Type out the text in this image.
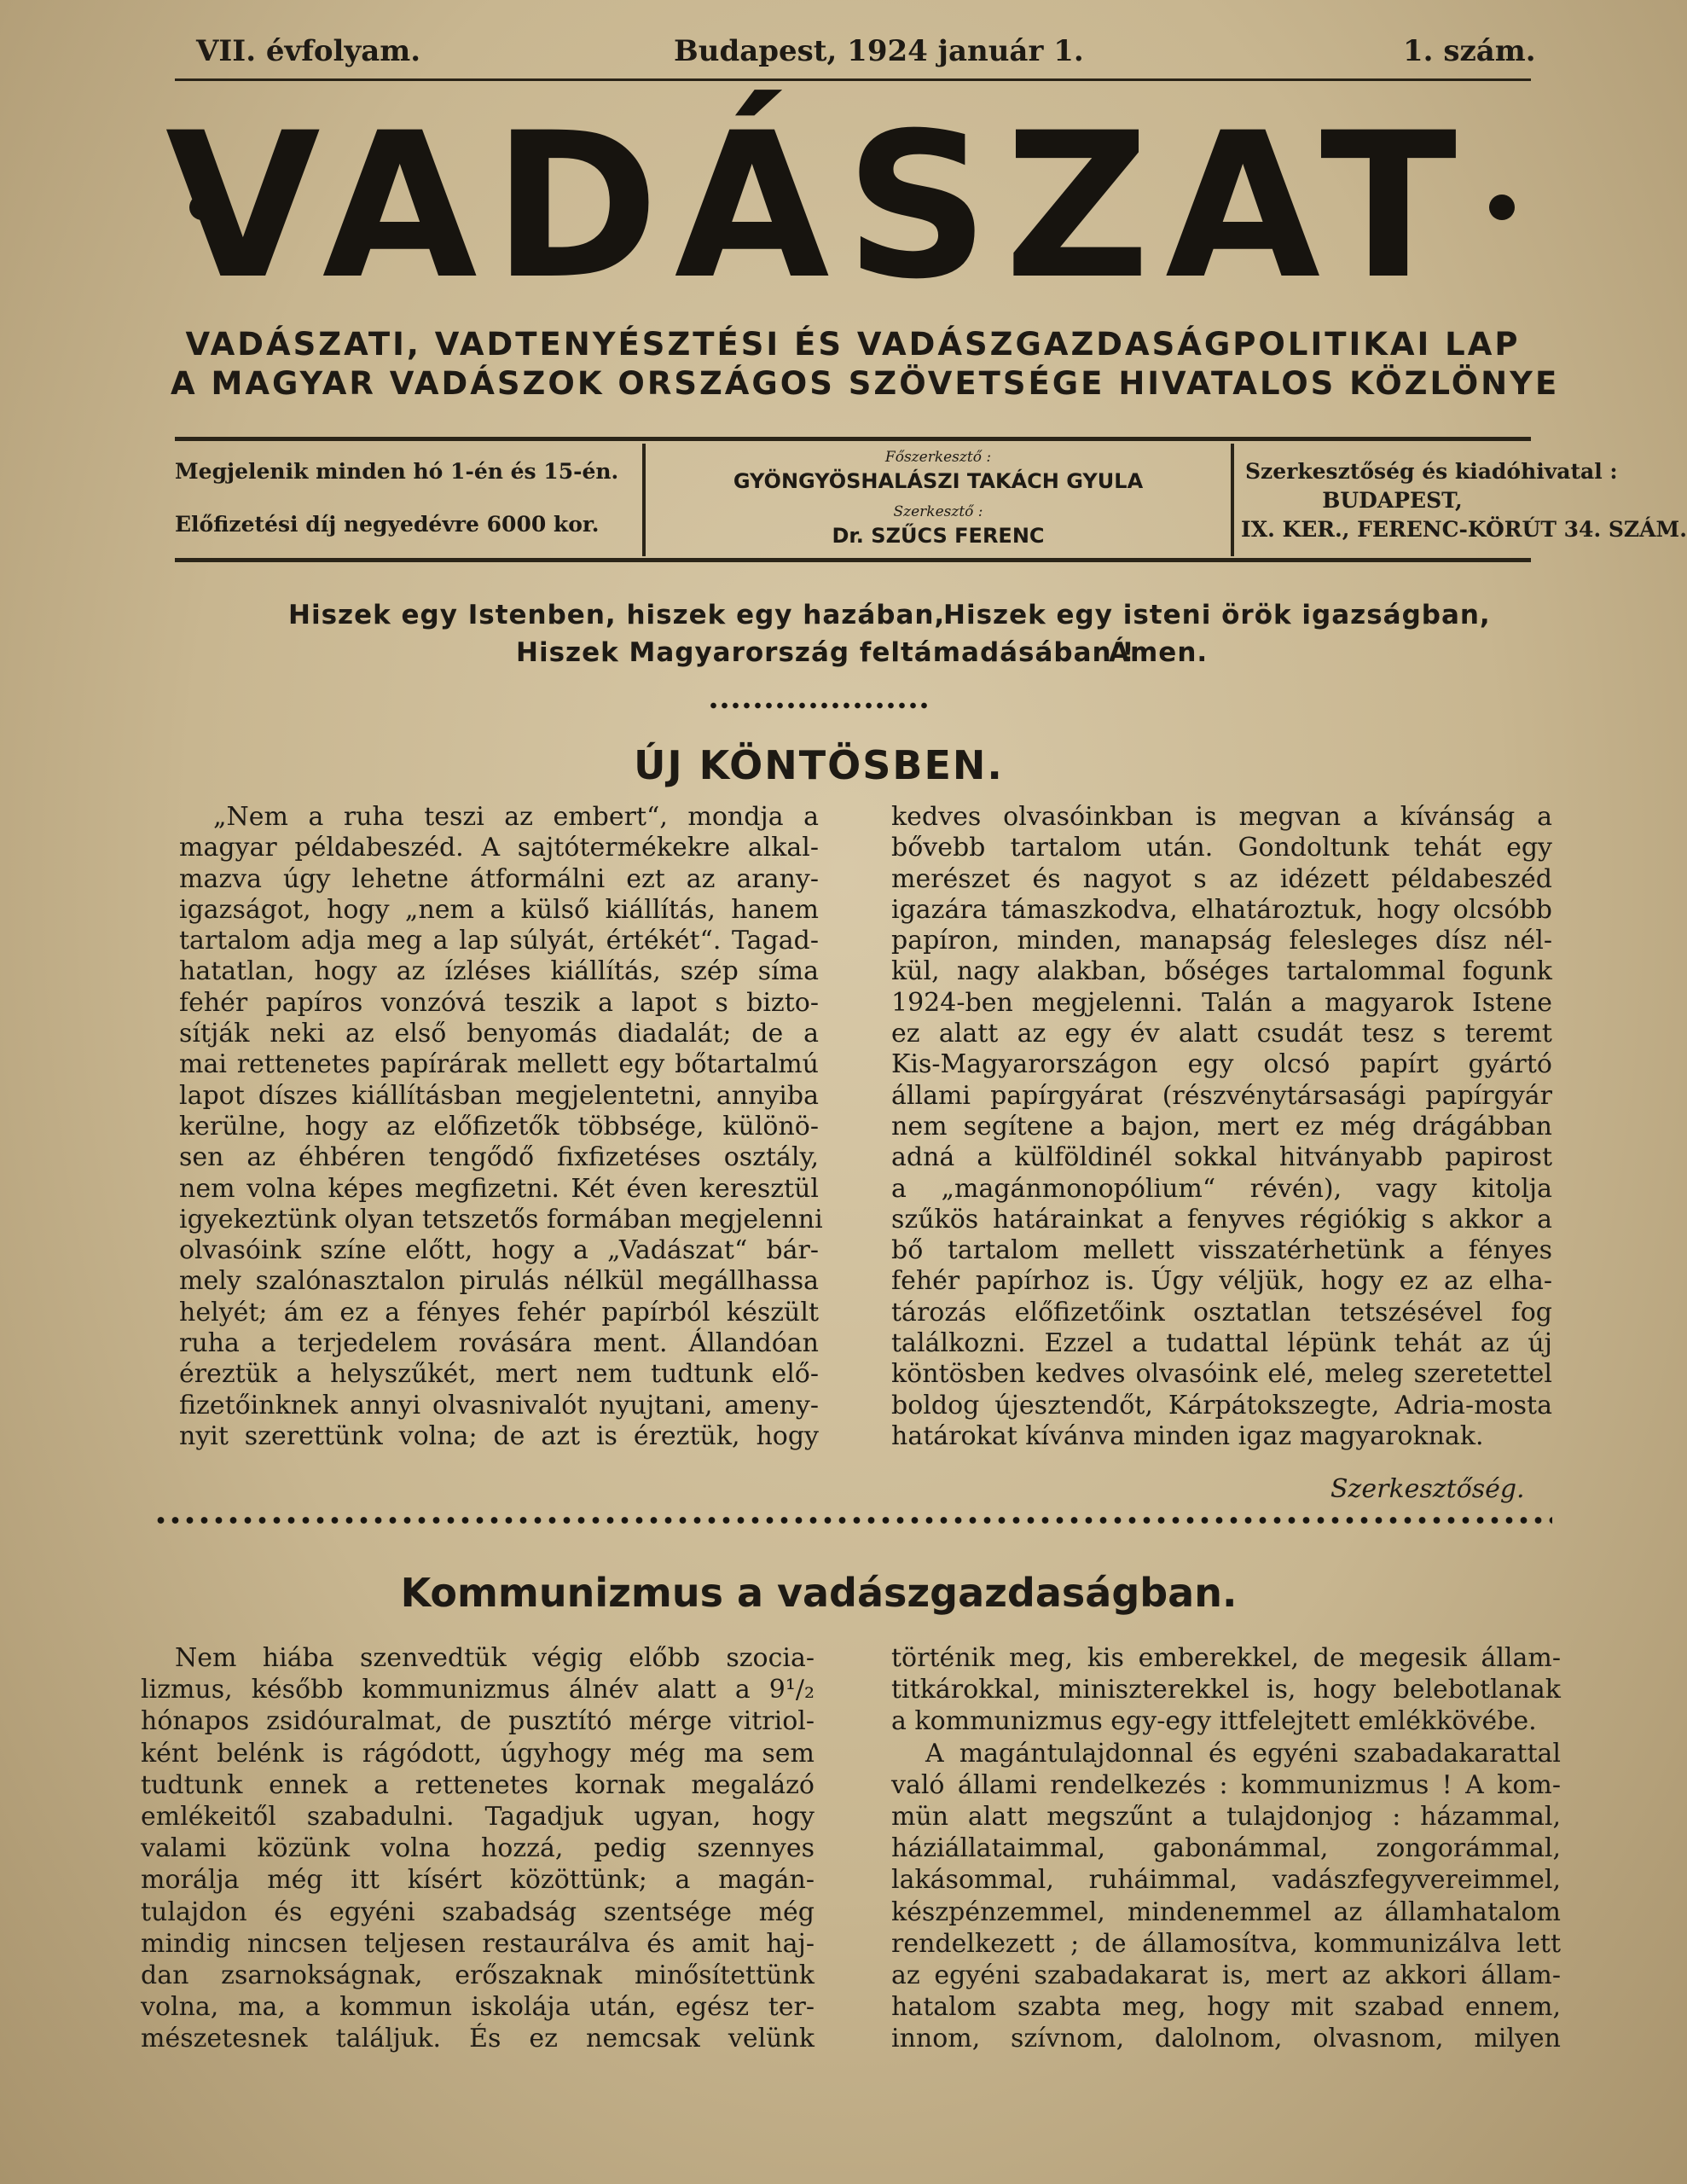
VII. évfolyam.	Budapest, 1924 január 1.	1. szám.
VADÁSZAT
VADÁSZATI, VADTENYÉSZTÉSI ÉS VADÁSZGAZDASÁGPOLITIKAI LAP
A MAGYAR VADÁSZOK ORSZÁGOS SZÖVETSÉGE HIVATALOS KÖZLÖNYE
Megjelenik minden hó 1-én és 15-én.
Előfizetési díj negyedévre 6000 kor.
Főszerkesztő :
GYÖNGYÖSHALÁSZI TAKÁCH GYULA
Szerkesztő :
Dr. SZŰCS FERENC
Szerkesztőség és kiadóhivatal :
BUDAPEST,
IX. KER., FERENC-KÖRÚT 34. SZÁM.
Hiszek egy Istenben, hiszek egy hazában,
Hiszek egy isteni örök igazságban,
Hiszek Magyarország feltámadásában !
Ámen.
ÚJ KÖNTÖSBEN.
„Nem a ruha teszi az embert“, mondja a
magyar példabeszéd. A sajtótermékekre alkal-
mazva úgy lehetne átformálni ezt az arany-
igazságot, hogy „nem a külső kiállítás, hanem
tartalom adja meg a lap súlyát, értékét“. Tagad-
hatatlan, hogy az ízléses kiállítás, szép síma
fehér papíros vonzóvá teszik a lapot s bizto-
sítják neki az első benyomás diadalát; de a
mai rettenetes papírárak mellett egy bőtartalmú
lapot díszes kiállításban megjelentetni, annyiba
kerülne, hogy az előfizetők többsége, különö-
sen az éhbéren tengődő fixfizetéses osztály,
nem volna képes megfizetni. Két éven keresztül
igyekeztünk olyan tetszetős formában megjelenni
olvasóink színe előtt, hogy a „Vadászat“ bár-
mely szalónasztalon pirulás nélkül megállhassa
helyét; ám ez a fényes fehér papírból készült
ruha a terjedelem rovására ment. Állandóan
éreztük a helyszűkét, mert nem tudtunk elő-
fizetőinknek annyi olvasnivalót nyujtani, ameny-
nyit szerettünk volna; de azt is éreztük, hogy
kedves olvasóinkban is megvan a kívánság a
bővebb tartalom után. Gondoltunk tehát egy
merészet és nagyot s az idézett példabeszéd
igazára támaszkodva, elhatároztuk, hogy olcsóbb
papíron, minden, manapság felesleges dísz nél-
kül, nagy alakban, bőséges tartalommal fogunk
1924-ben megjelenni. Talán a magyarok Istene
ez alatt az egy év alatt csudát tesz s teremt
Kis-Magyarországon egy olcsó papírt gyártó
állami papírgyárat (részvénytársasági papírgyár
nem segítene a bajon, mert ez még drágábban
adná a külföldinél sokkal hitványabb papirost
a „magánmonopólium“ révén), vagy kitolja
szűkös határainkat a fenyves régiókig s akkor a
bő tartalom mellett visszatérhetünk a fényes
fehér papírhoz is. Úgy véljük, hogy ez az elha-
tározás előfizetőink osztatlan tetszésével fog
találkozni. Ezzel a tudattal lépünk tehát az új
köntösben kedves olvasóink elé, meleg szeretettel
boldog újesztendőt, Kárpátokszegte, Adria-mosta
határokat kívánva minden igaz magyaroknak.
Szerkesztőség.
Kommunizmus a vadászgazdaságban.
Nem hiába szenvedtük végig előbb szocia-
lizmus, később kommunizmus álnév alatt a 9¹/₂
hónapos zsidóuralmat, de pusztító mérge vitriol-
ként belénk is rágódott, úgyhogy még ma sem
tudtunk ennek a rettenetes kornak megalázó
emlékeitől szabadulni. Tagadjuk ugyan, hogy
valami közünk volna hozzá, pedig szennyes
morálja még itt kísért közöttünk; a magán-
tulajdon és egyéni szabadság szentsége még
mindig nincsen teljesen restaurálva és amit haj-
dan zsarnokságnak, erőszaknak minősítettünk
volna, ma, a kommun iskolája után, egész ter-
mészetesnek találjuk. És ez nemcsak velünk
történik meg, kis emberekkel, de megesik állam-
titkárokkal, miniszterekkel is, hogy belebotlanak
a kommunizmus egy-egy ittfelejtett emlékkövébe.
A magántulajdonnal és egyéni szabadakarattal
való állami rendelkezés : kommunizmus ! A kom-
mün alatt megszűnt a tulajdonjog : házammal,
háziállataimmal, gabonámmal, zongorámmal,
lakásommal, ruháimmal, vadászfegyvereimmel,
készpénzemmel, mindenemmel az államhatalom
rendelkezett ; de államosítva, kommunizálva lett
az egyéni szabadakarat is, mert az akkori állam-
hatalom szabta meg, hogy mit szabad ennem,
innom, szívnom, dalolnom, olvasnom, milyen
